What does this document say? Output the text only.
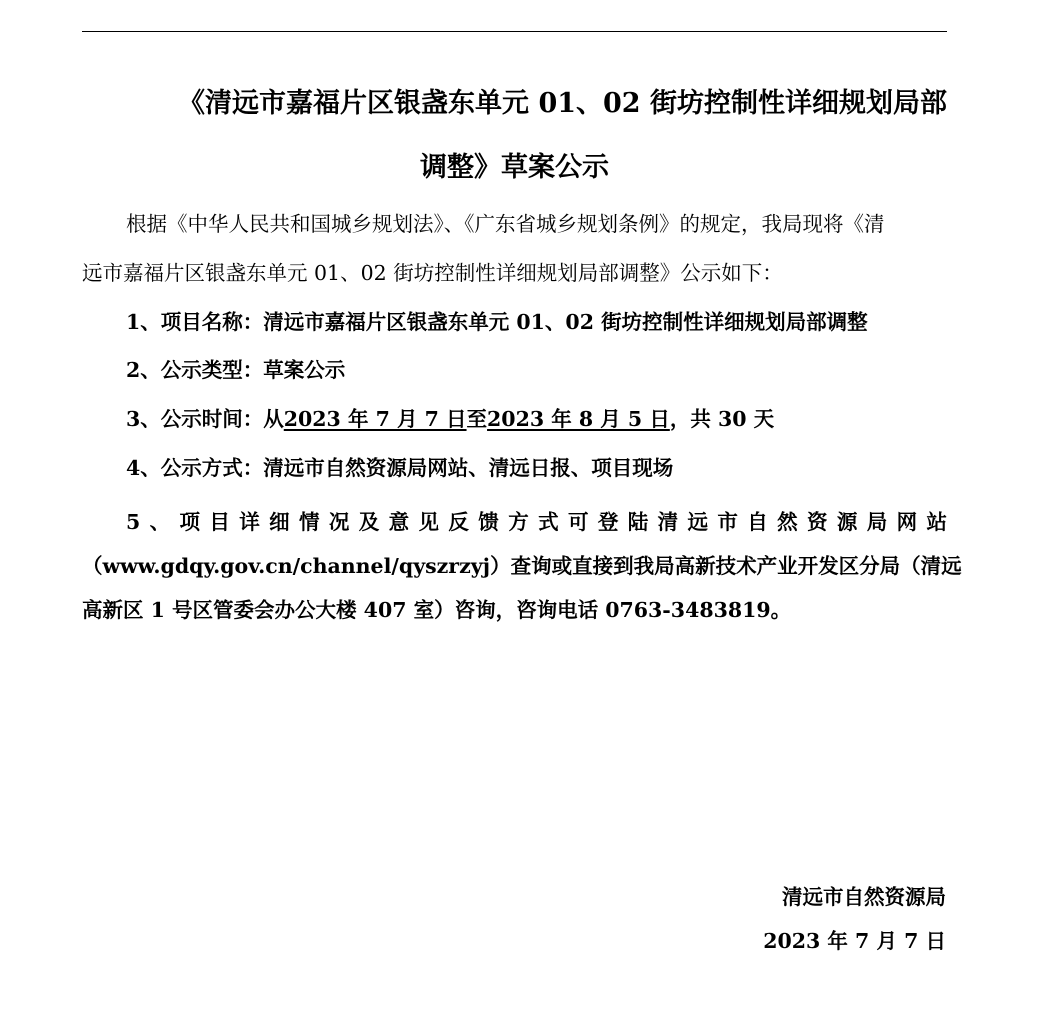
《清远市嘉福片区银盏东单元 01、02 街坊控制性详细规划局部
调整》草案公示
根据《中华人民共和国城乡规划法》、《广东省城乡规划条例》的规定，我局现将《清
远市嘉福片区银盏东单元 01、02 街坊控制性详细规划局部调整》公示如下：
1、项目名称：清远市嘉福片区银盏东单元 01、02 街坊控制性详细规划局部调整
2、公示类型：草案公示
3、公示时间：从2023 年 7 月 7 日至2023 年 8 月 5 日，共 30 天
4、公示方式：清远市自然资源局网站、清远日报、项目现场
5、项目详细情况及意见反馈方式可登陆清远市自然资源局网站
（www.gdqy.gov.cn/channel/qyszrzyj）查询或直接到我局高新技术产业开发区分局（清远
高新区 1 号区管委会办公大楼 407 室）咨询，咨询电话 0763-3483819。
清远市自然资源局
2023 年 7 月 7 日
